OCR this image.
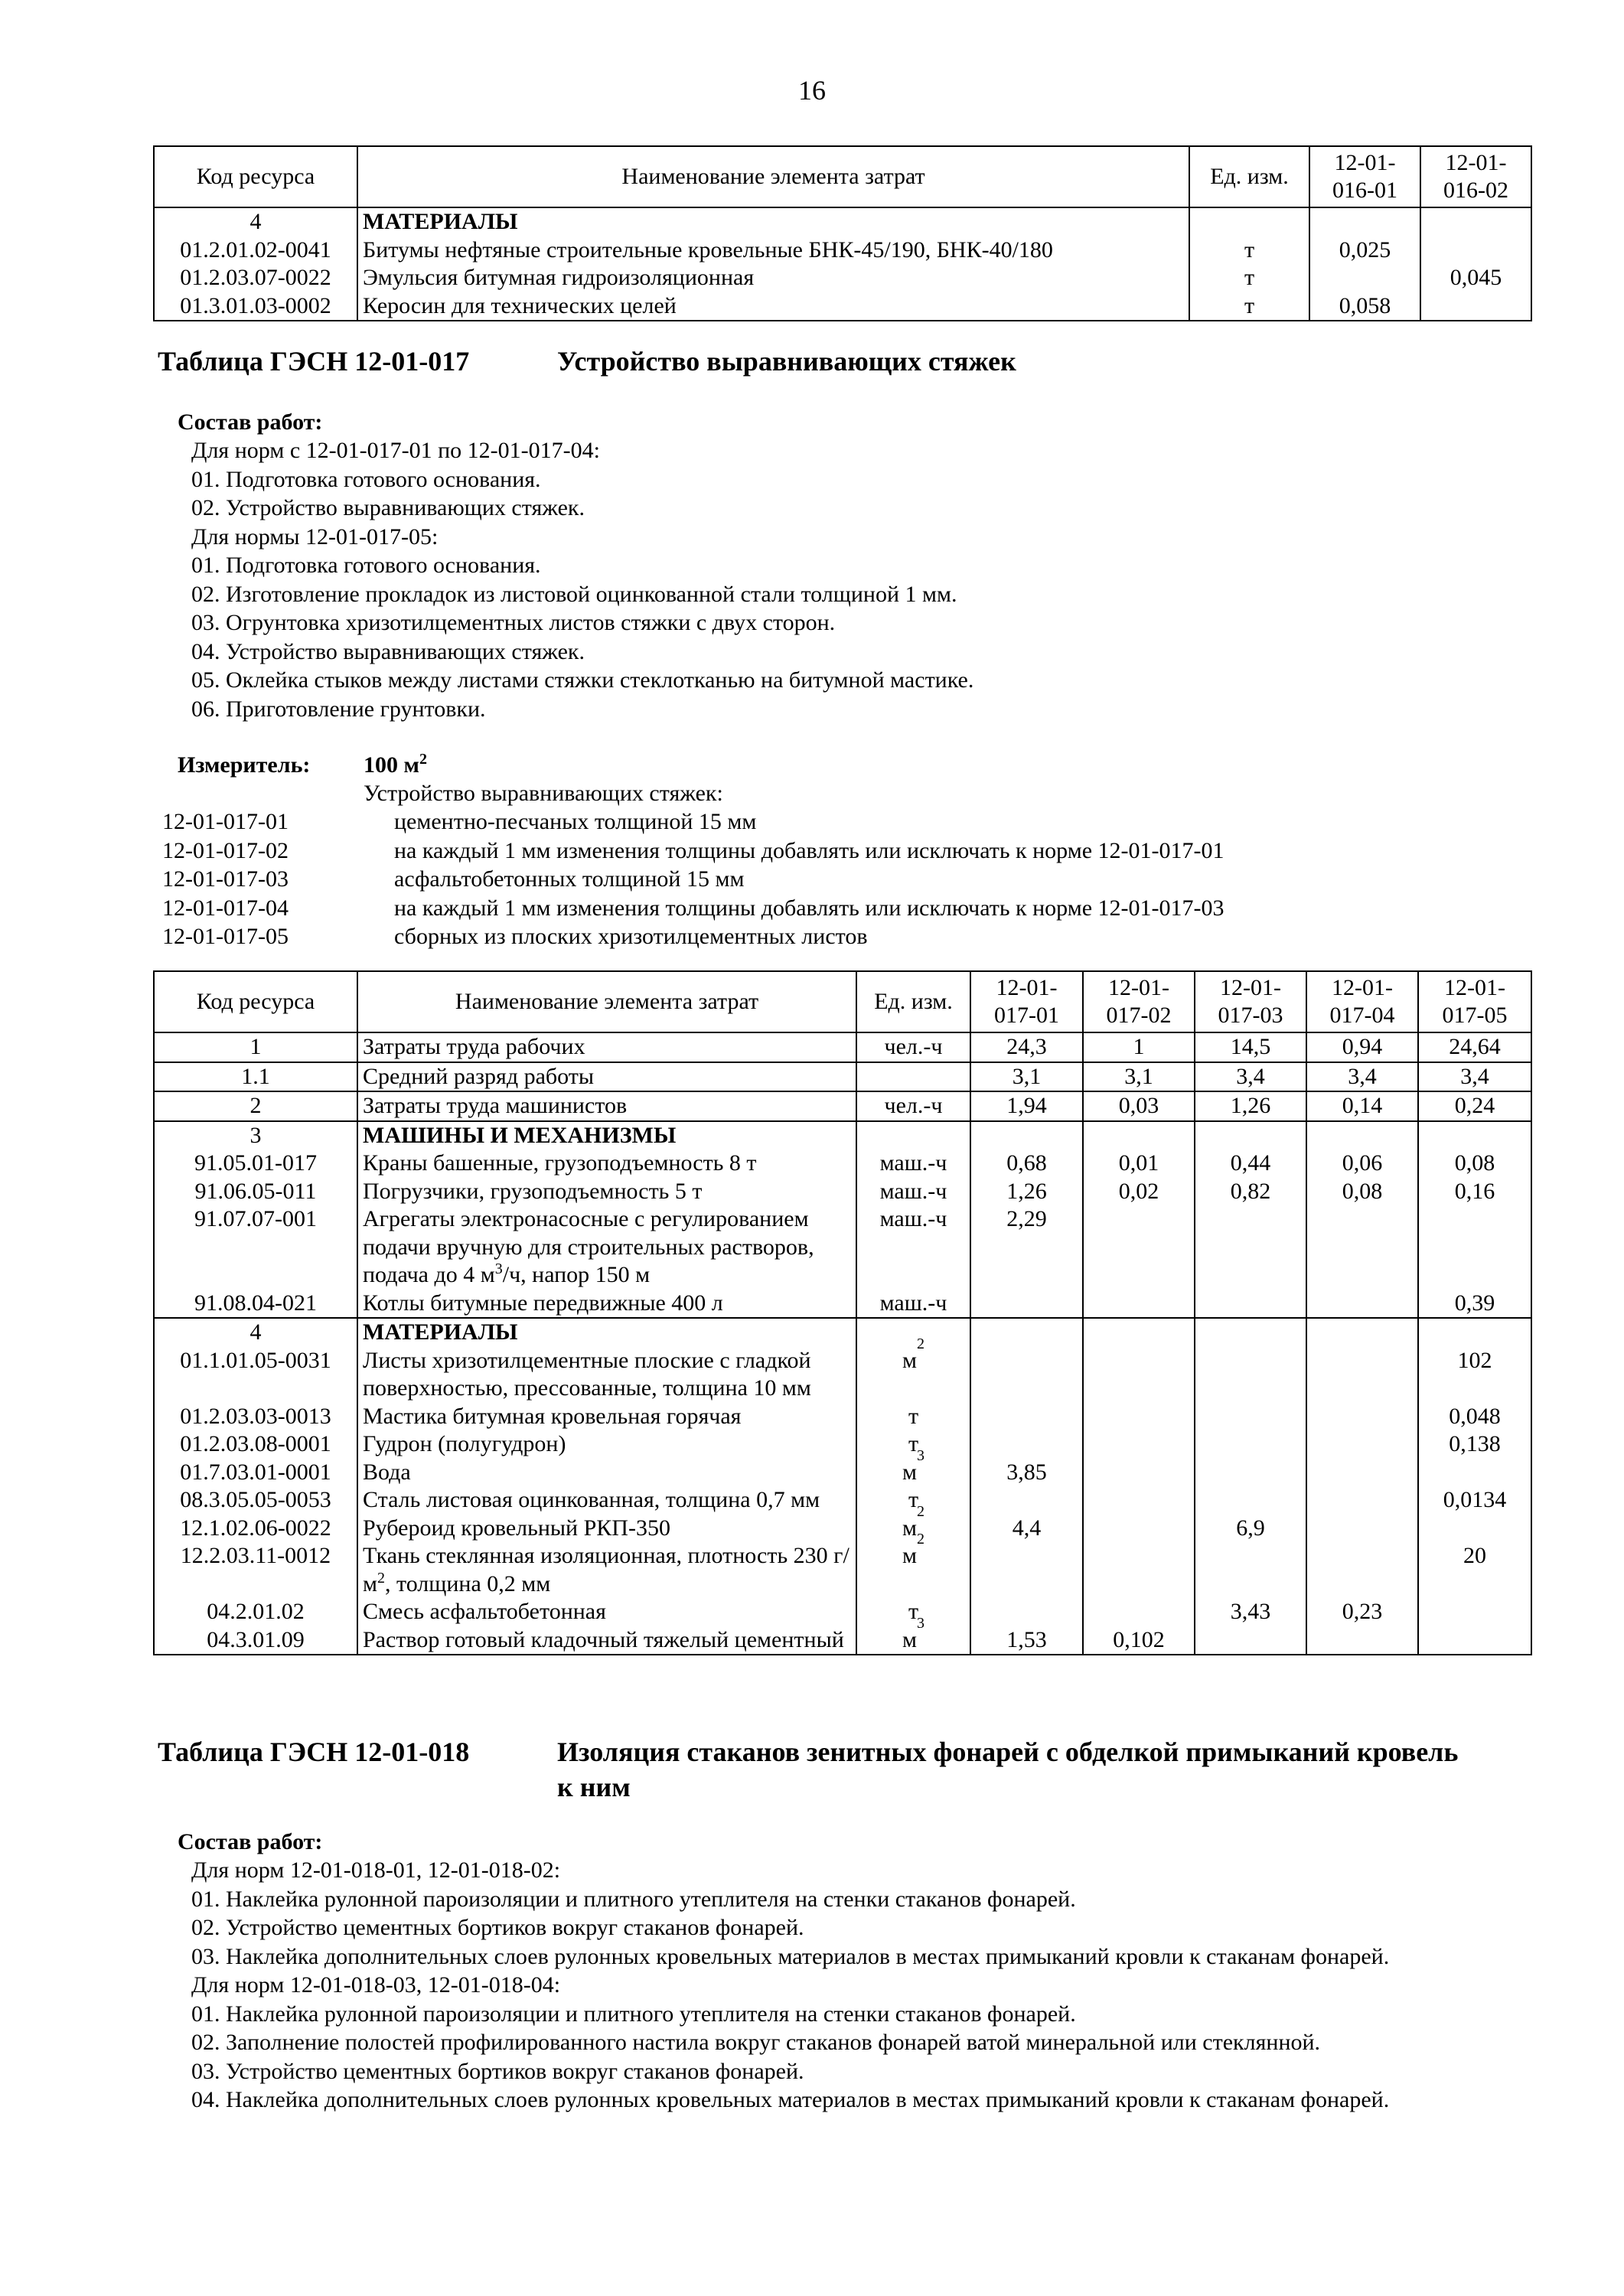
16
Код ресурса	Наименование элемента затрат	Ед. изм.	12-01-016-01	12-01-016-02
4	МАТЕРИАЛЫ			
01.2.01.02-0041	Битумы нефтяные строительные кровельные БНК-45/190, БНК-40/180	т	0,025	
01.2.03.07-0022	Эмульсия битумная гидроизоляционная	т		0,045
01.3.01.03-0002	Керосин для технических целей	т	0,058	
Таблица ГЭСН 12-01-017	Устройство выравнивающих стяжек
Состав работ:
Для норм с 12-01-017-01 по 12-01-017-04:
01. Подготовка готового основания.
02. Устройство выравнивающих стяжек.
Для нормы 12-01-017-05:
01. Подготовка готового основания.
02. Изготовление прокладок из листовой оцинкованной стали толщиной 1 мм.
03. Огрунтовка хризотилцементных листов стяжки с двух сторон.
04. Устройство выравнивающих стяжек.
05. Оклейка стыков между листами стяжки стеклотканью на битумной мастике.
06. Приготовление грунтовки.
Измеритель: 100 $м^2$
Устройство выравнивающих стяжек:
12-01-017-01	цементно-песчаных толщиной 15 мм
12-01-017-02	на каждый 1 мм изменения толщины добавлять или исключать к норме 12-01-017-01
12-01-017-03	асфальтобетонных толщиной 15 мм
12-01-017-04	на каждый 1 мм изменения толщины добавлять или исключать к норме 12-01-017-03
12-01-017-05	сборных из плоских хризотилцементных листов
Код ресурса	Наименование элемента затрат	Ед. изм.	12-01-017-01	12-01-017-02	12-01-017-03	12-01-017-04	12-01-017-05
1	Затраты труда рабочих	чел.-ч	24,3	1	14,5	0,94	24,64
1.1	Средний разряд работы		3,1	3,1	3,4	3,4	3,4
2	Затраты труда машинистов	чел.-ч	1,94	0,03	1,26	0,14	0,24
3	МАШИНЫ И МЕХАНИЗМЫ						
91.05.01-017	Краны башенные, грузоподъемность 8 т	маш.-ч	0,68	0,01	0,44	0,06	0,08
91.06.05-011	Погрузчики, грузоподъемность 5 т	маш.-ч	1,26	0,02	0,82	0,08	0,16
91.07.07-001	Агрегаты электронасосные с регулированием подачи вручную для строительных растворов, подача до 4 $м^3/ч$, напор 150 м	маш.-ч	2,29				
91.08.04-021	Котлы битумные передвижные 400 л	маш.-ч					0,39
4	МАТЕРИАЛЫ						
01.1.01.05-0031	Листы хризотилцементные плоские с гладкой поверхностью, прессованные, толщина 10 мм	$м^2$					102
01.2.03.03-0013	Мастика битумная кровельная горячая	т					0,048
01.2.03.08-0001	Гудрон (полугудрон)	т					0,138
01.7.03.01-0001	Вода	$м^3$	3,85				
08.3.05.05-0053	Сталь листовая оцинкованная, толщина 0,7 мм	т					0,0134
12.1.02.06-0022	Рубероид кровельный РКП-350	$м^2$	4,4		6,9		
12.2.03.11-0012	Ткань стеклянная изоляционная, плотность 230 $г/м^2$, толщина 0,2 мм	$м^2$					20
04.2.01.02	Смесь асфальтобетонная	т			3,43	0,23	
04.3.01.09	Раствор готовый кладочный тяжелый цементный	$м^3$	1,53	0,102			
Таблица ГЭСН 12-01-018	Изоляция стаканов зенитных фонарей с обделкой примыканий кровель к ним
Состав работ:
Для норм 12-01-018-01, 12-01-018-02:
01. Наклейка рулонной пароизоляции и плитного утеплителя на стенки стаканов фонарей.
02. Устройство цементных бортиков вокруг стаканов фонарей.
03. Наклейка дополнительных слоев рулонных кровельных материалов в местах примыканий кровли к стаканам фонарей.
Для норм 12-01-018-03, 12-01-018-04:
01. Наклейка рулонной пароизоляции и плитного утеплителя на стенки стаканов фонарей.
02. Заполнение полостей профилированного настила вокруг стаканов фонарей ватой минеральной или стеклянной.
03. Устройство цементных бортиков вокруг стаканов фонарей.
04. Наклейка дополнительных слоев рулонных кровельных материалов в местах примыканий кровли к стаканам фонарей.
